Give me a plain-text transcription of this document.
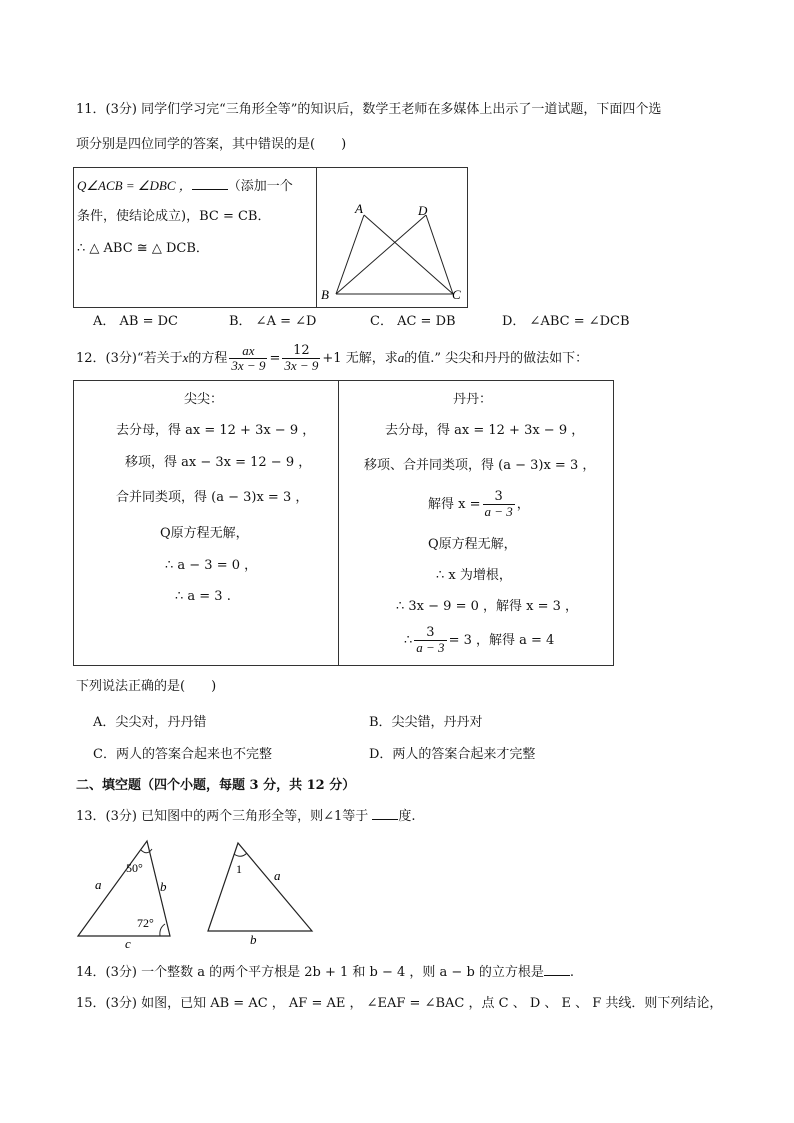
11．(3分) 同学们学习完“三角形全等”的知识后，数学王老师在多媒体上出示了一道试题，下面四个选
项分别是四位同学的答案，其中错误的是(　　)
Q∠ACB = ∠DBC ，	（添加一个
条件，使结论成立)，BC = CB．
∴ △ ABC ≅ △ DCB．
A	D
B	C
A． AB = DC	B． ∠A = ∠D	C． AC = DB	D． ∠ABC = ∠DCB
12．(3分)“若关于x的方程 $\frac{ax}{3x - 9} = \frac{12}{3x - 9} +1$ 无解，求a的值.” 尖尖和丹丹的做法如下：
尖尖：
去分母，得 ax = 12 + 3x − 9 ，
移项，得 ax − 3x = 12 − 9 ，
合并同类项，得 (a − 3)x = 3 ，
Q原方程无解，
∴ a − 3 = 0 ，
∴ a = 3 .
丹丹：
去分母，得 ax = 12 + 3x − 9 ，
移项、合并同类项，得 (a − 3)x = 3 ，
解得 $x = \frac{3}{a - 3}$ ，
Q原方程无解，
∴ x 为增根，
∴ 3x − 9 = 0 ，解得 x = 3 ，
∴ $\frac{3}{a - 3} = 3$ ，解得 a = 4
下列说法正确的是(　　)
A．尖尖对，丹丹错	B．尖尖错，丹丹对
C．两人的答案合起来也不完整	D．两人的答案合起来才完整
二、填空题（四个小题，每题 3 分，共 12 分）
13．(3分) 已知图中的两个三角形全等，则∠1等于 度.
50°
72°
a	b
c
1 a
b
14．(3分) 一个整数 a 的两个平方根是 2b + 1 和 b − 4 ，则 a − b 的立方根是 .
15．(3分) 如图，已知 AB = AC ， AF = AE ， ∠EAF = ∠BAC ，点 C 、 D 、 E 、 F 共线．则下列结论，
